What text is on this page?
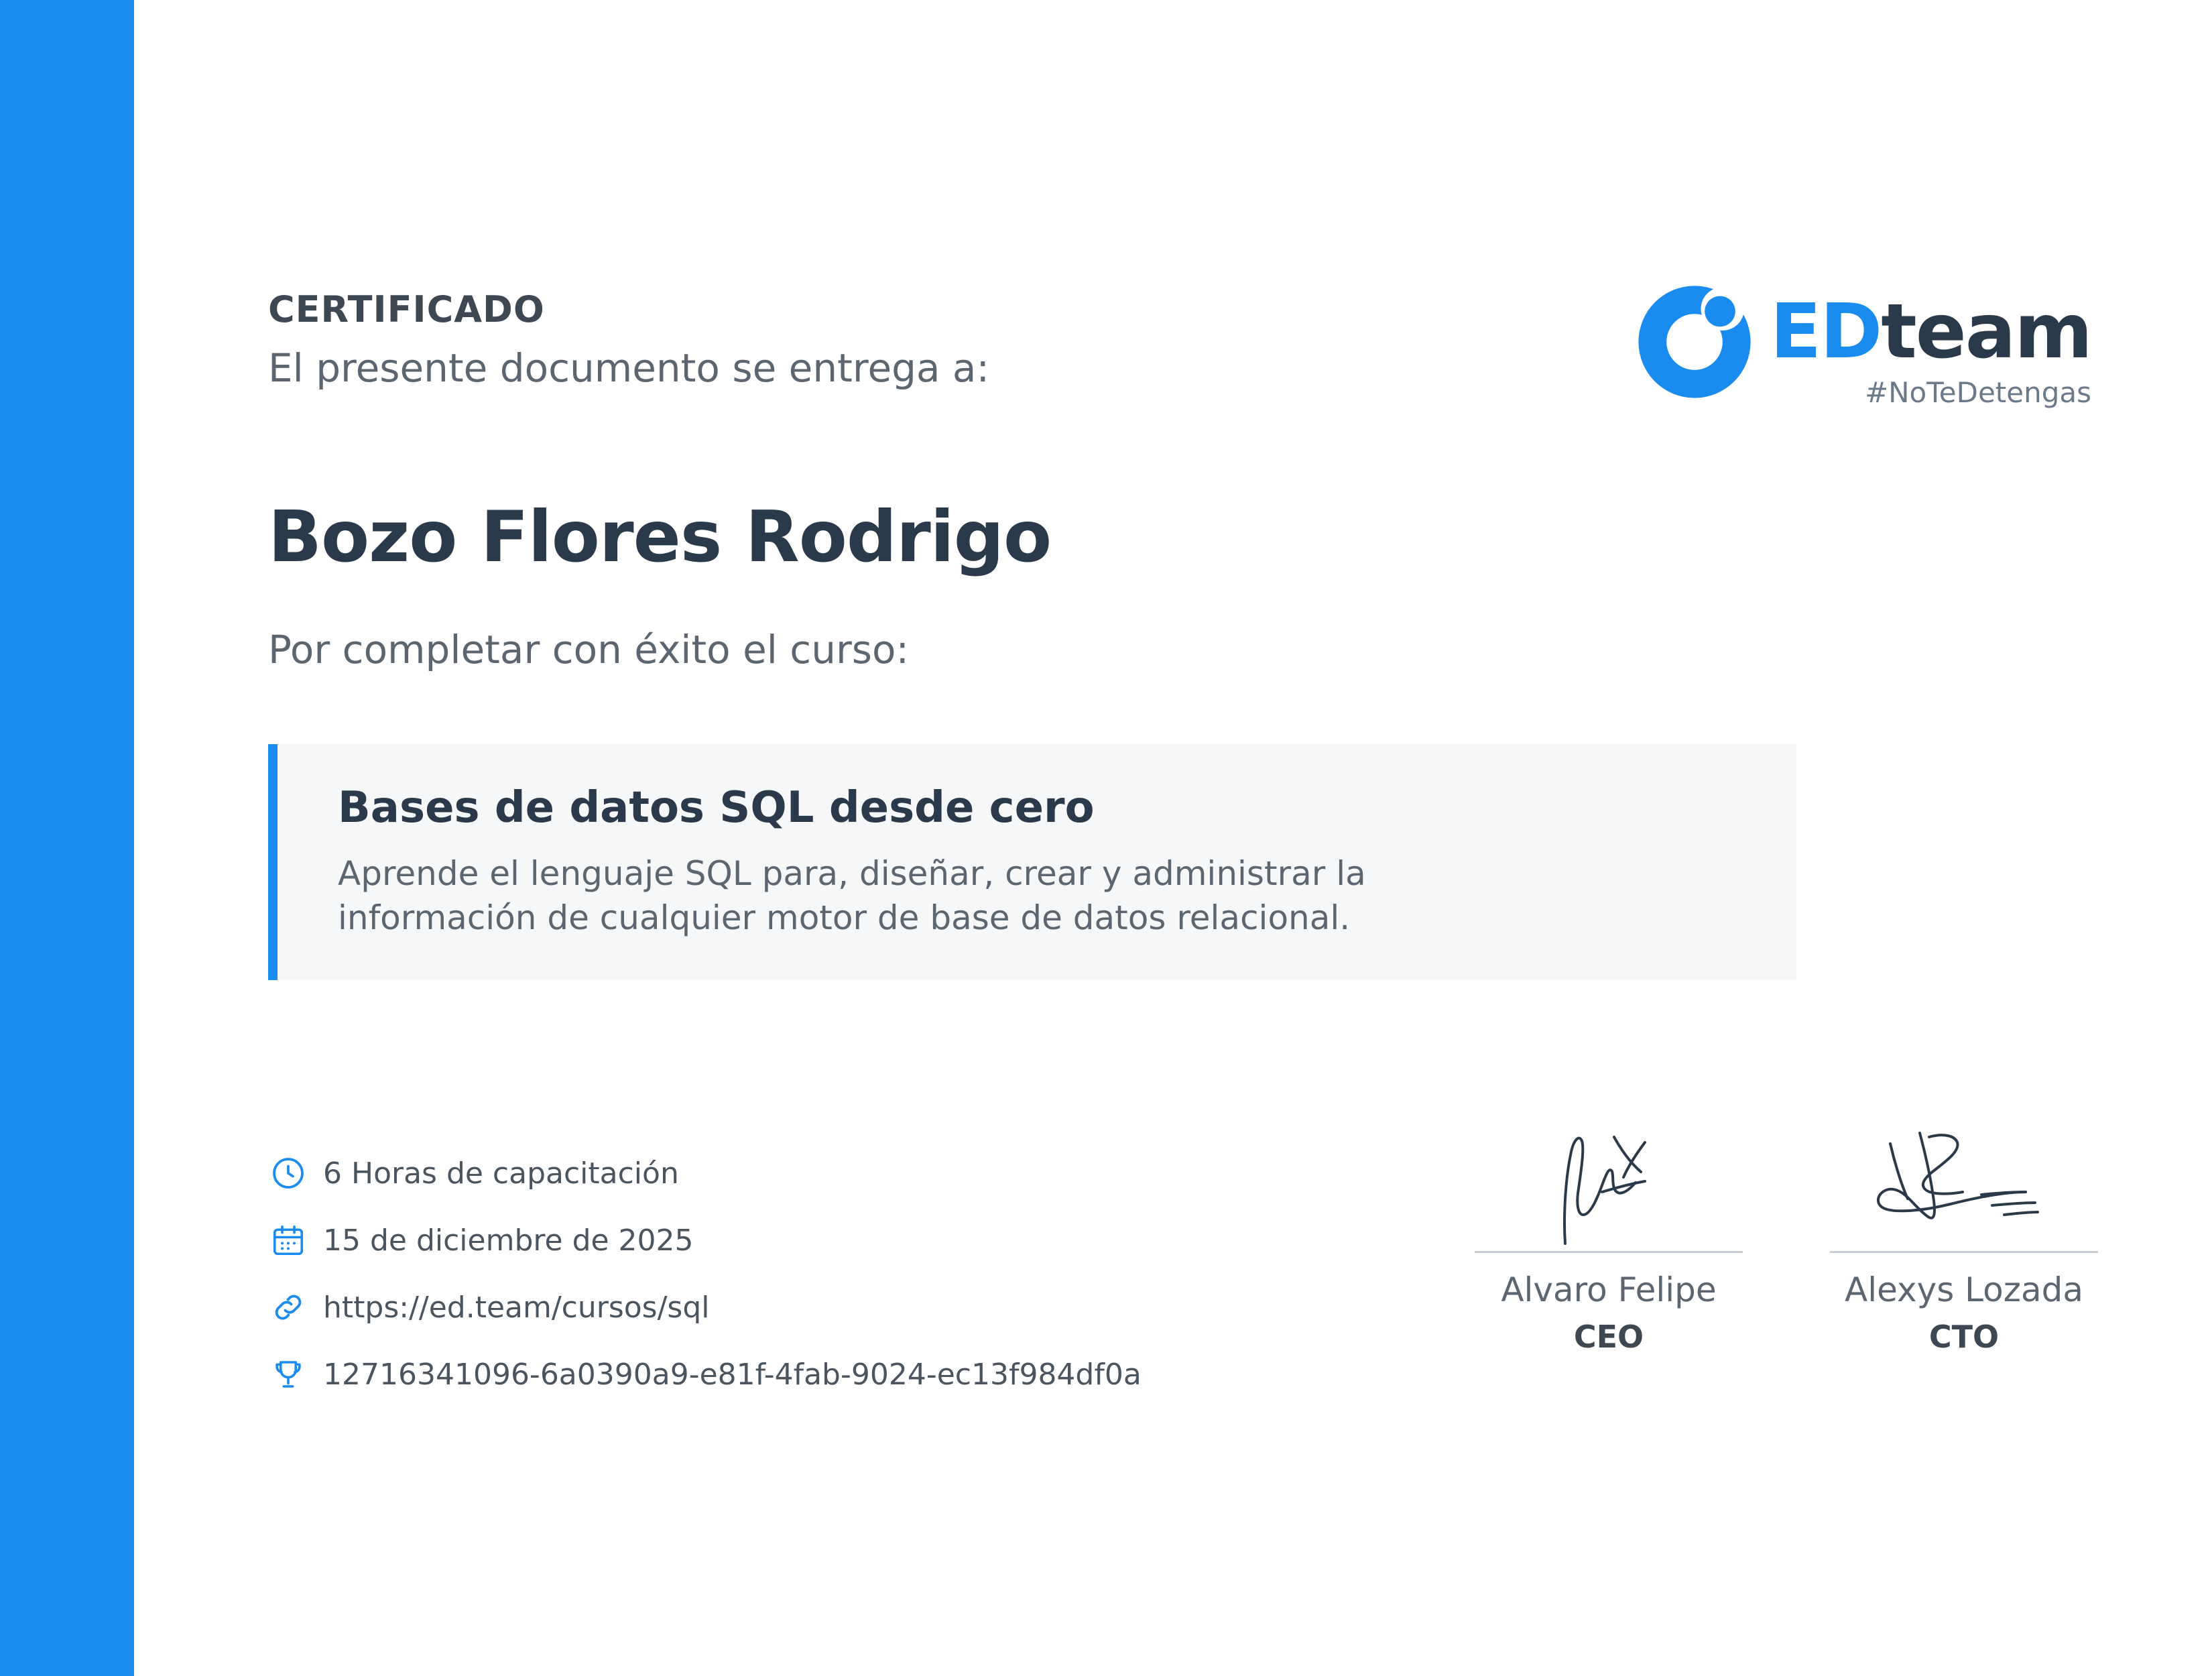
CERTIFICADO
El presente documento se entrega a:
Bozo Flores Rodrigo
Por completar con éxito el curso:
Bases de datos SQL desde cero
Aprende el lenguaje SQL para, diseñar, crear y administrar la información de cualquier motor de base de datos relacional.
6 Horas de capacitación
15 de diciembre de 2025
https://ed.team/cursos/sql
12716341096-6a0390a9-e81f-4fab-9024-ec13f984df0a
Alvaro Felipe
CEO
Alexys Lozada
CTO
EDteam
#NoTeDetengas
